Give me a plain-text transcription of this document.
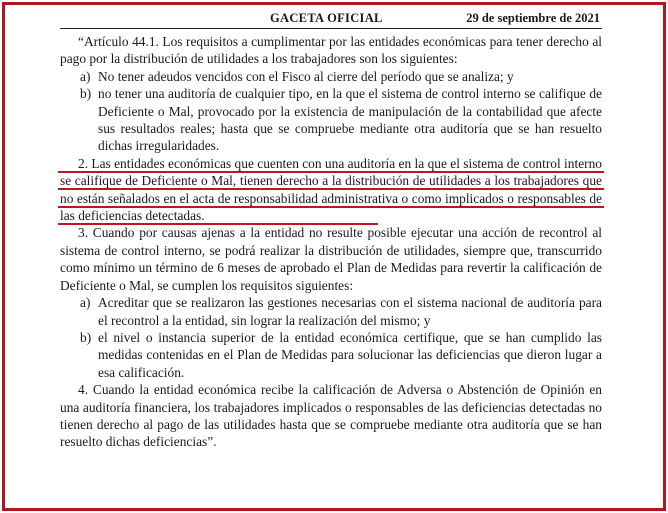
GACETA OFICIAL	29 de septiembre de 2021

“Artículo 44.1. Los requisitos a cumplimentar por las entidades económicas para tener derecho al pago por la distribución de utilidades a los trabajadores son los siguientes:

a) No tener adeudos vencidos con el Fisco al cierre del período que se analiza; y
b) no tener una auditoría de cualquier tipo, en la que el sistema de control interno se califique de Deficiente o Mal, provocado por la existencia de manipulación de la contabilidad que afecte sus resultados reales; hasta que se compruebe mediante otra auditoría que se han resuelto dichas irregularidades.

2. Las entidades económicas que cuenten con una auditoría en la que el sistema de control interno se califique de Deficiente o Mal, tienen derecho a la distribución de utilidades a los trabajadores que no están señalados en el acta de responsabilidad administrativa o como implicados o responsables de las deficiencias detectadas.

3. Cuando por causas ajenas a la entidad no resulte posible ejecutar una acción de recontrol al sistema de control interno, se podrá realizar la distribución de utilidades, siempre que, transcurrido como mínimo un término de 6 meses de aprobado el Plan de Medidas para revertir la calificación de Deficiente o Mal, se cumplen los requisitos siguientes:

a) Acreditar que se realizaron las gestiones necesarias con el sistema nacional de auditoría para el recontrol a la entidad, sin lograr la realización del mismo; y
b) el nivel o instancia superior de la entidad económica certifique, que se han cumplido las medidas contenidas en el Plan de Medidas para solucionar las deficiencias que dieron lugar a esa calificación.

4. Cuando la entidad económica recibe la calificación de Adversa o Abstención de Opinión en una auditoría financiera, los trabajadores implicados o responsables de las deficiencias detectadas no tienen derecho al pago de las utilidades hasta que se compruebe mediante otra auditoría que se han resuelto dichas deficiencias”.
